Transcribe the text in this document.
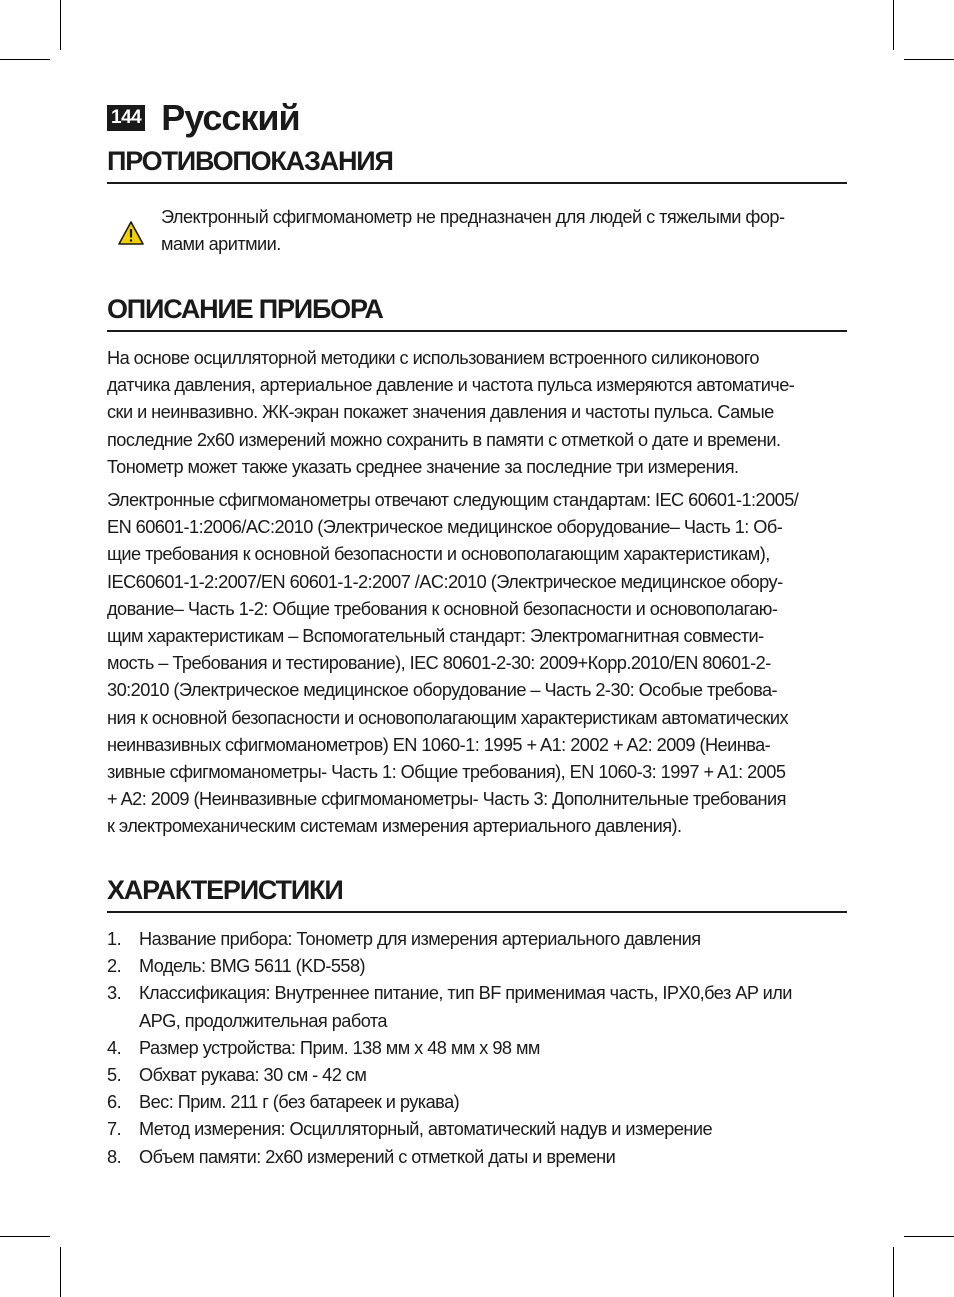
144 Русский
ПРОТИВОПОКАЗАНИЯ
Электронный сфигмоманометр не предназначен для людей с тяжелыми фор-
мами аритмии.
ОПИСАНИЕ ПРИБОРА
На основе осцилляторной методики с использованием встроенного силиконового
датчика давления, артериальное давление и частота пульса измеряются автоматиче-
ски и неинвазивно. ЖК-экран покажет значения давления и частоты пульса. Самые
последние 2x60 измерений можно сохранить в памяти с отметкой о дате и времени.
Тонометр может также указать среднее значение за последние три измерения.
Электронные сфигмоманометры отвечают следующим стандартам: IEC 60601-1:2005/
EN 60601-1:2006/AC:2010 (Электрическое медицинское оборудование– Часть 1: Об-
щие требования к основной безопасности и основополагающим характеристикам),
IEC60601-1-2:2007/EN 60601-1-2:2007 /AC:2010 (Электрическое медицинское обору-
дование– Часть 1-2: Общие требования к основной безопасности и основополагаю-
щим характеристикам – Вспомогательный стандарт: Электромагнитная совмести-
мость – Требования и тестирование), IEC 80601-2-30: 2009+Корр.2010/EN 80601-2-
30:2010 (Электрическое медицинское оборудование – Часть 2-30: Особые требова-
ния к основной безопасности и основополагающим характеристикам автоматических
неинвазивных сфигмоманометров) EN 1060-1: 1995 + A1: 2002 + A2: 2009 (Неинва-
зивные сфигмоманометры- Часть 1: Общие требования), EN 1060-3: 1997 + A1: 2005
+ A2: 2009 (Неинвазивные сфигмоманометры- Часть 3: Дополнительные требования
к электромеханическим системам измерения артериального давления).
ХАРАКТЕРИСТИКИ
1. Название прибора: Тонометр для измерения артериального давления
2. Модель: BMG 5611 (KD-558)
3. Классификация: Внутреннее питание, тип BF применимая часть, IPX0,без AP или
APG, продолжительная работа
4. Размер устройства: Прим. 138 мм x 48 мм x 98 мм
5. Обхват рукава: 30 см - 42 см
6. Вес: Прим. 211 г (без батареек и рукава)
7. Метод измерения: Осцилляторный, автоматический надув и измерение
8. Объем памяти: 2x60 измерений с отметкой даты и времени
